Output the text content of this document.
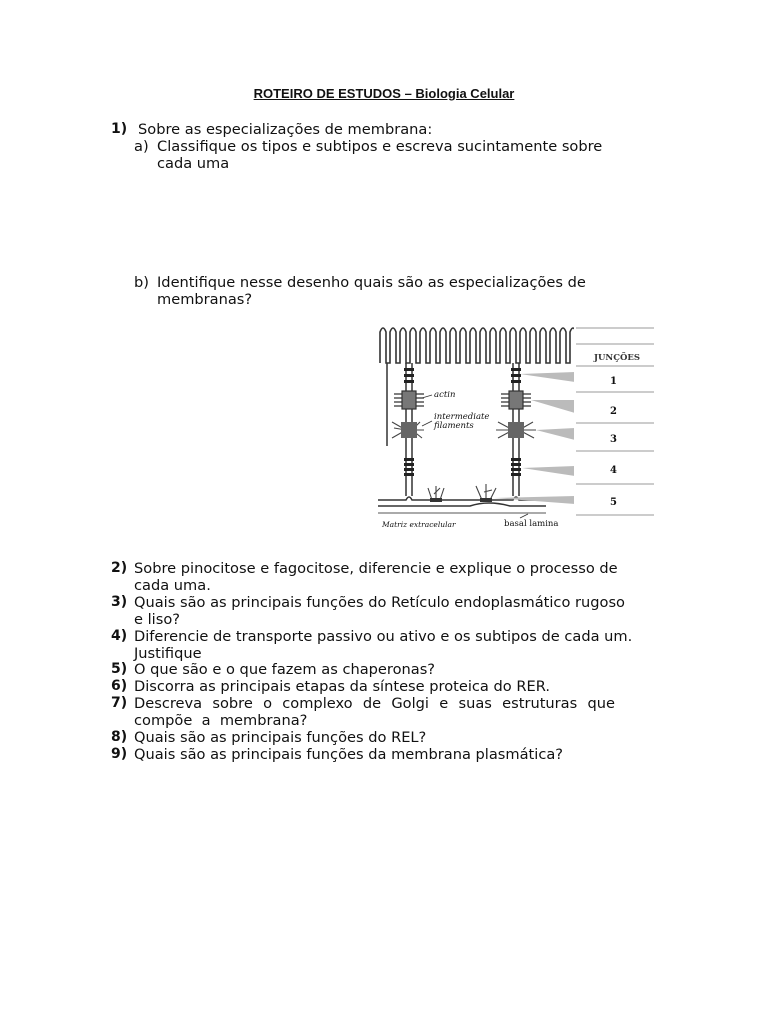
ROTEIRO DE ESTUDOS – Biologia Celular
1) Sobre as especializações de membrana:
a) Classifique os tipos e subtipos e escreva sucintamente sobre
cada uma
b) Identifique nesse desenho quais são as especializações de
membranas?
actin
intermediate
filaments
Matriz extracelular	basal lamina
JUNÇÕES
1
2
3
4
5
2) Sobre pinocitose e fagocitose, diferencie e explique o processo de
cada uma.
3) Quais são as principais funções do Retículo endoplasmático rugoso
e liso?
4) Diferencie de transporte passivo ou ativo e os subtipos de cada um.
Justifique
5) O que são e o que fazem as chaperonas?
6) Discorra as principais etapas da síntese proteica do RER.
7) Descreva sobre o complexo de Golgi e suas estruturas que
compõe  a  membrana?
8) Quais são as principais funções do REL?
9) Quais são as principais funções da membrana plasmática?
